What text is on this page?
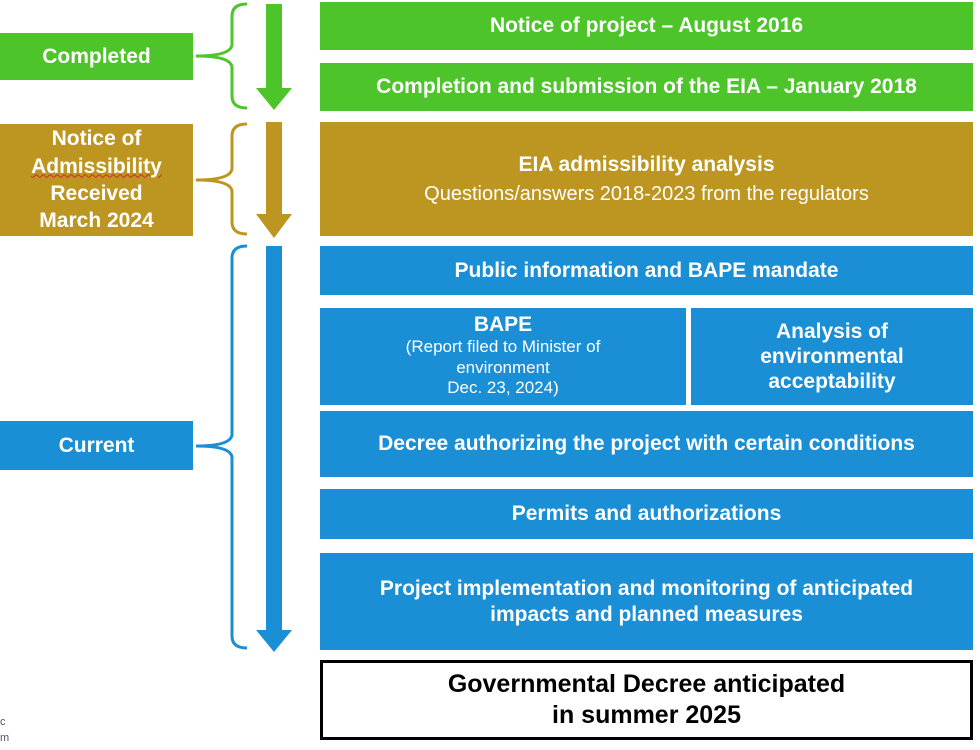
Completed
Notice of
Admissibility
Received
March 2024
Current
Notice of project – August 2016
Completion and submission of the EIA – January 2018
EIA admissibility analysis
Questions/answers 2018-2023 from the regulators
Public information and BAPE mandate
BAPE
(Report filed to Minister of
environment
Dec. 23, 2024)
Analysis of
environmental
acceptability
Decree authorizing the project with certain conditions
Permits and authorizations
Project implementation and monitoring of anticipated
impacts and planned measures
Governmental Decree anticipated
in summer 2025
c
m
